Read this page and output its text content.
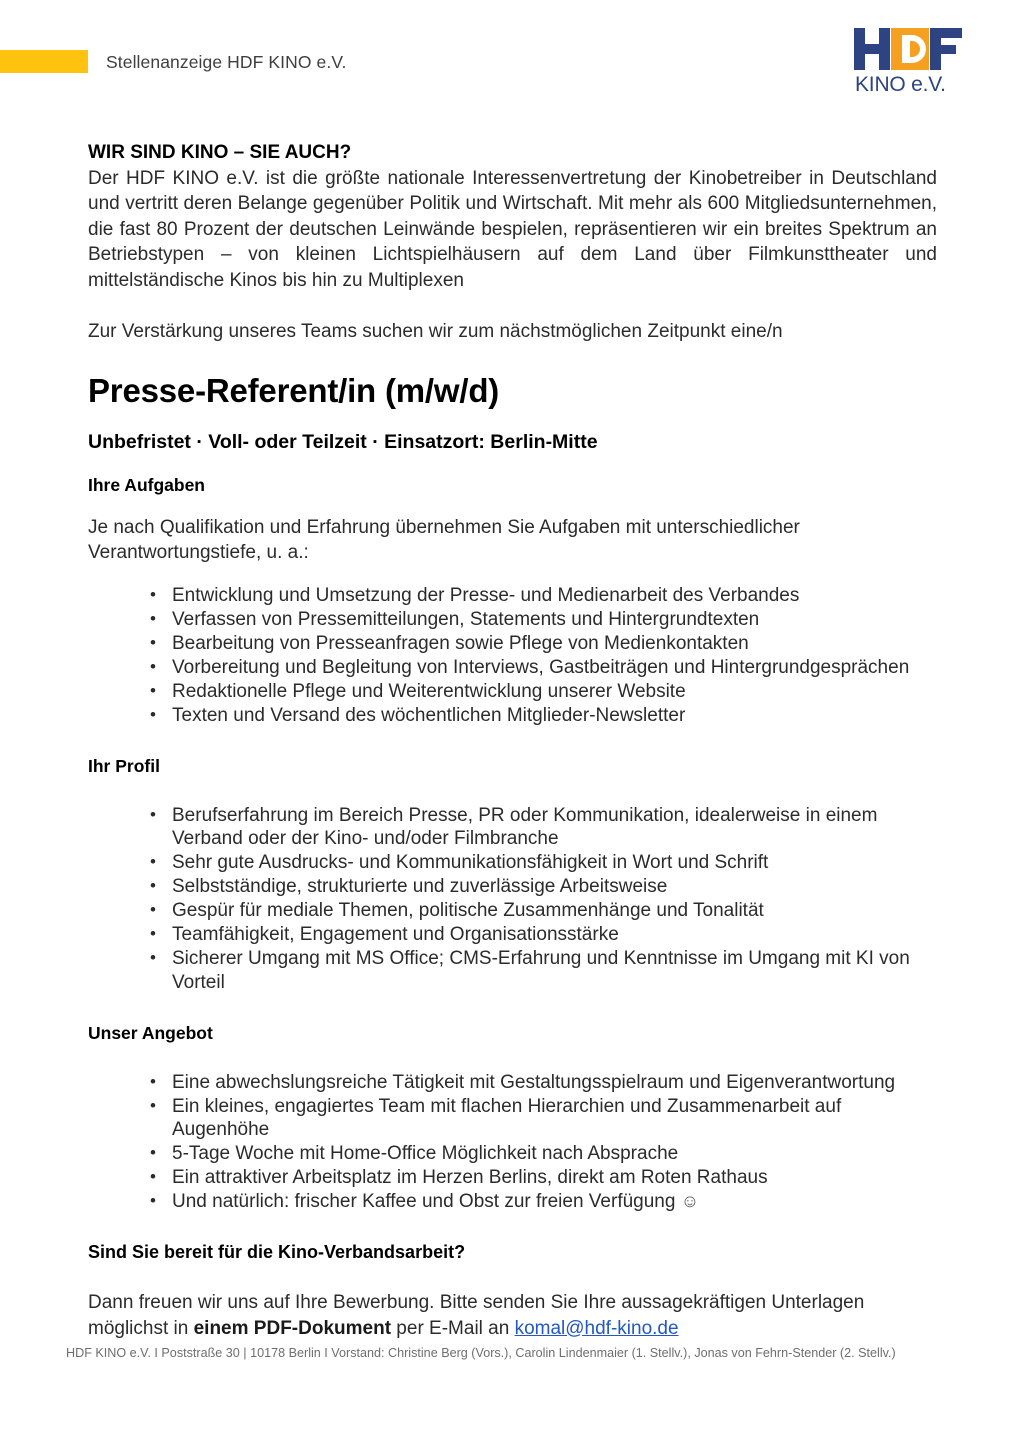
Stellenanzeige HDF KINO e.V.
KINO e.V.
WIR SIND KINO – SIE AUCH?

Der HDF KINO e.V. ist die größte nationale Interessenvertretung der Kinobetreiber in Deutschland und vertritt deren Belange gegenüber Politik und Wirtschaft. Mit mehr als 600 Mitgliedsunternehmen, die fast 80 Prozent der deutschen Leinwände bespielen, repräsentieren wir ein breites Spektrum an Betriebstypen – von kleinen Lichtspielhäusern auf dem Land über Filmkunsttheater und mittelständische Kinos bis hin zu Multiplexen

Zur Verstärkung unseres Teams suchen wir zum nächstmöglichen Zeitpunkt eine/n

Presse-Referent/in (m/w/d)
Unbefristet · Voll- oder Teilzeit · Einsatzort: Berlin-Mitte
Ihre Aufgaben

Je nach Qualifikation und Erfahrung übernehmen Sie Aufgaben mit unterschiedlicher Verantwortungstiefe, u. a.:

• Entwicklung und Umsetzung der Presse- und Medienarbeit des Verbandes
• Verfassen von Pressemitteilungen, Statements und Hintergrundtexten
• Bearbeitung von Presseanfragen sowie Pflege von Medienkontakten
• Vorbereitung und Begleitung von Interviews, Gastbeiträgen und Hintergrundgesprächen
• Redaktionelle Pflege und Weiterentwicklung unserer Website
• Texten und Versand des wöchentlichen Mitglieder-Newsletter
Ihr Profil
• Berufserfahrung im Bereich Presse, PR oder Kommunikation, idealerweise in einem Verband oder der Kino- und/oder Filmbranche
• Sehr gute Ausdrucks- und Kommunikationsfähigkeit in Wort und Schrift
• Selbstständige, strukturierte und zuverlässige Arbeitsweise
• Gespür für mediale Themen, politische Zusammenhänge und Tonalität
• Teamfähigkeit, Engagement und Organisationsstärke
• Sicherer Umgang mit MS Office; CMS-Erfahrung und Kenntnisse im Umgang mit KI von Vorteil
Unser Angebot
• Eine abwechslungsreiche Tätigkeit mit Gestaltungsspielraum und Eigenverantwortung
• Ein kleines, engagiertes Team mit flachen Hierarchien und Zusammenarbeit auf Augenhöhe
• 5-Tage Woche mit Home-Office Möglichkeit nach Absprache
• Ein attraktiver Arbeitsplatz im Herzen Berlins, direkt am Roten Rathaus
• Und natürlich: frischer Kaffee und Obst zur freien Verfügung ☺
Sind Sie bereit für die Kino-Verbandsarbeit?

Dann freuen wir uns auf Ihre Bewerbung. Bitte senden Sie Ihre aussagekräftigen Unterlagen möglichst in einem PDF-Dokument per E-Mail an komal@hdf-kino.de

HDF KINO e.V. I Poststraße 30 | 10178 Berlin I Vorstand: Christine Berg (Vors.), Carolin Lindenmaier (1. Stellv.), Jonas von Fehrn-Stender (2. Stellv.)
